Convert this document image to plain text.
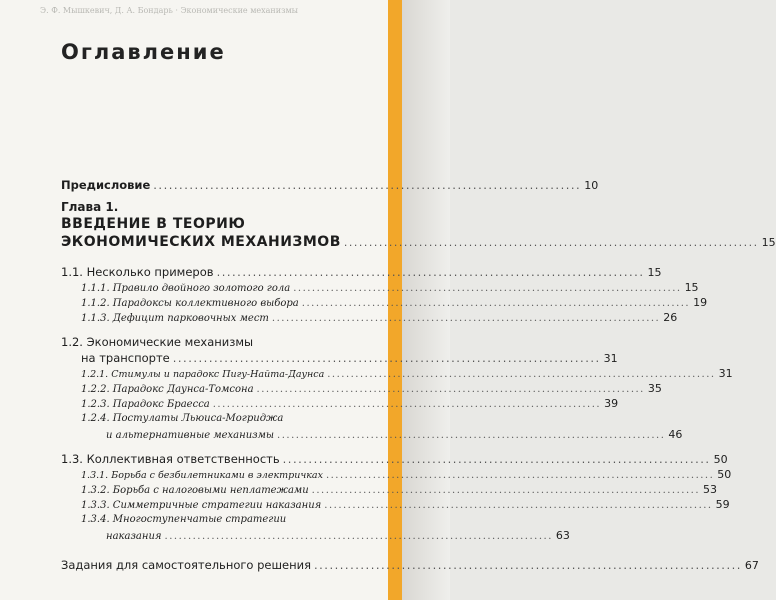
Э. Ф. Мышкевич, Д. А. Бондарь · Экономические механизмы
Оглавление
Предисловие ................................................................................... 10
Глава 1.
ВВЕДЕНИЕ В ТЕОРИЮ
ЭКОНОМИЧЕСКИХ МЕХАНИЗМОВ ................................................................................... 15
1.1. Несколько примеров ................................................................................... 15
1.1.1. Правило двойного золотого гола ................................................................................... 15
1.1.2. Парадоксы коллективного выбора ................................................................................... 19
1.1.3. Дефицит парковочных мест ................................................................................... 26
1.2. Экономические механизмы
на транспорте ................................................................................... 31
1.2.1. Стимулы и парадокс Пигу-Найта-Даунса ................................................................................... 31
1.2.2. Парадокс Даунса-Томсона ................................................................................... 35
1.2.3. Парадокс Браесса ................................................................................... 39
1.2.4. Постулаты Льюиса-Могриджа
и альтернативные механизмы ................................................................................... 46
1.3. Коллективная ответственность ................................................................................... 50
1.3.1. Борьба с безбилетниками в электричках ................................................................................... 50
1.3.2. Борьба с налоговыми неплатежами ................................................................................... 53
1.3.3. Симметричные стратегии наказания ................................................................................... 59
1.3.4. Многоступенчатые стратегии
наказания ................................................................................... 63
Задания для самостоятельного решения ................................................................................... 67
